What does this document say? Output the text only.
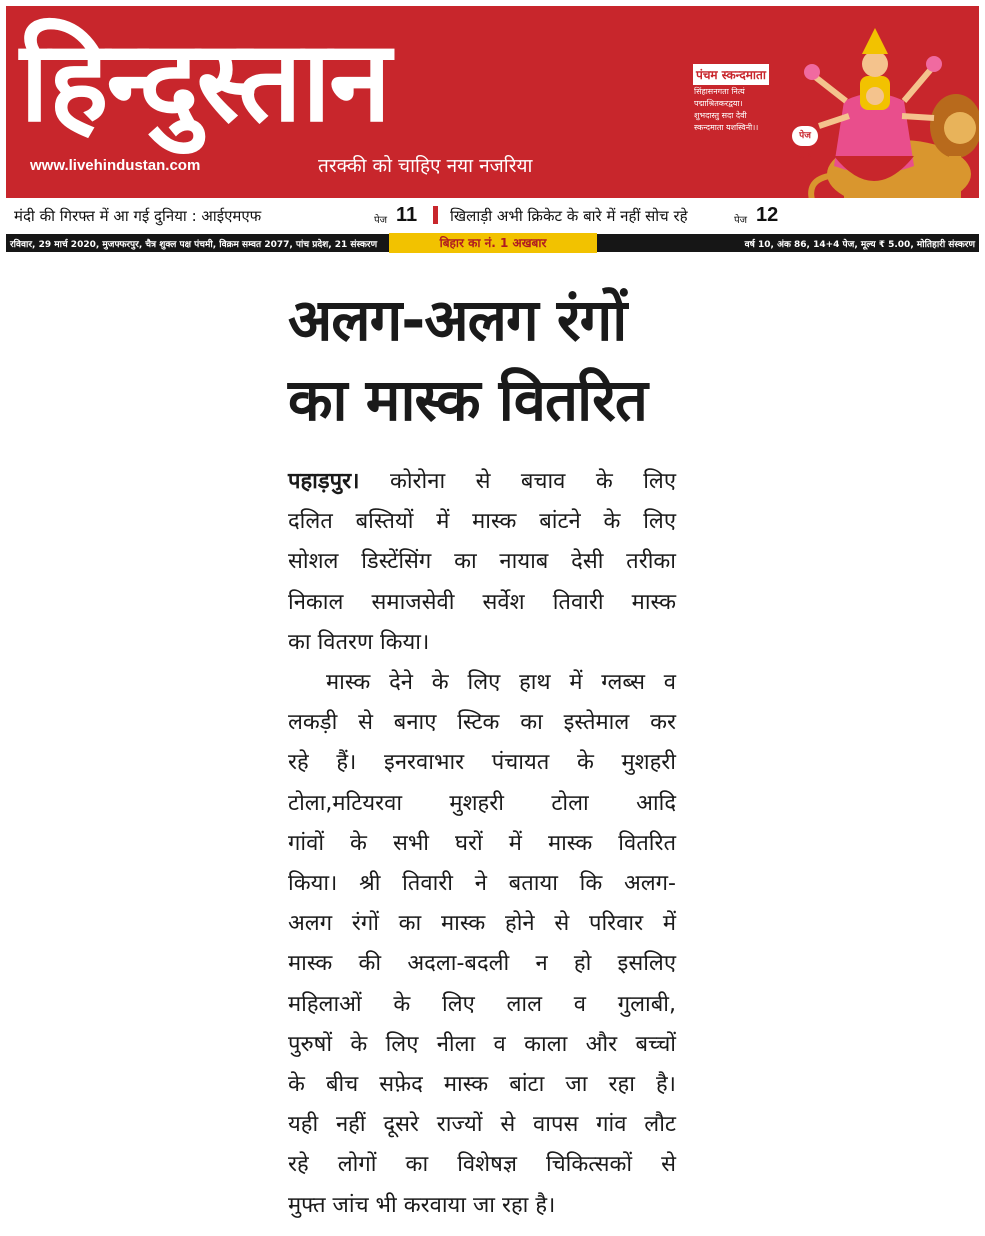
हिन्दुस्तान
www.livehindustan.com	तरक्की को चाहिए नया नजरिया
पंचम स्कन्दमाता
सिंहासनगता नित्यं
पद्माश्रितकरद्वया।
शुभदास्तु सदा देवी
स्कन्दमाता यशस्विनी।।
पेज 03
मंदी की गिरफ्त में आ गई दुनिया : आईएमएफ	पेज 11 खिलाड़ी अभी क्रिकेट के बारे में नहीं सोच रहे	पेज 12
रविवार, 29 मार्च 2020, मुजफ्फरपुर, चैत्र शुक्ल पक्ष पंचमी, विक्रम सम्वत 2077, पांच प्रदेश, 21 संस्करण	बिहार का नं. 1 अखबार	वर्ष 10, अंक 86, 14+4 पेज, मूल्य ₹ 5.00, मोतिहारी संस्करण
अलग-अलग रंगों
का मास्क वितरित
पहाड़पुर। कोरोना से बचाव के लिए
दलित बस्तियों में मास्क बांटने के लिए
सोशल डिस्टेंसिंग का नायाब देसी तरीका
निकाल समाजसेवी सर्वेश तिवारी मास्क
का वितरण किया।
मास्क देने के लिए हाथ में ग्लब्स व
लकड़ी से बनाए स्टिक का इस्तेमाल कर
रहे हैं। इनरवाभार पंचायत के मुशहरी
टोला,मटियरवा मुशहरी टोला आदि
गांवों के सभी घरों में मास्क वितरित
किया। श्री तिवारी ने बताया कि अलग-
अलग रंगों का मास्क होने से परिवार में
मास्क की अदला-बदली न हो इसलिए
महिलाओं के लिए लाल व गुलाबी,
पुरुषों के लिए नीला व काला और बच्चों
के बीच सफ़ेद मास्क बांटा जा रहा है।
यही नहीं दूसरे राज्यों से वापस गांव लौट
रहे लोगों का विशेषज्ञ चिकित्सकों से
मुफ्त जांच भी करवाया जा रहा है।
